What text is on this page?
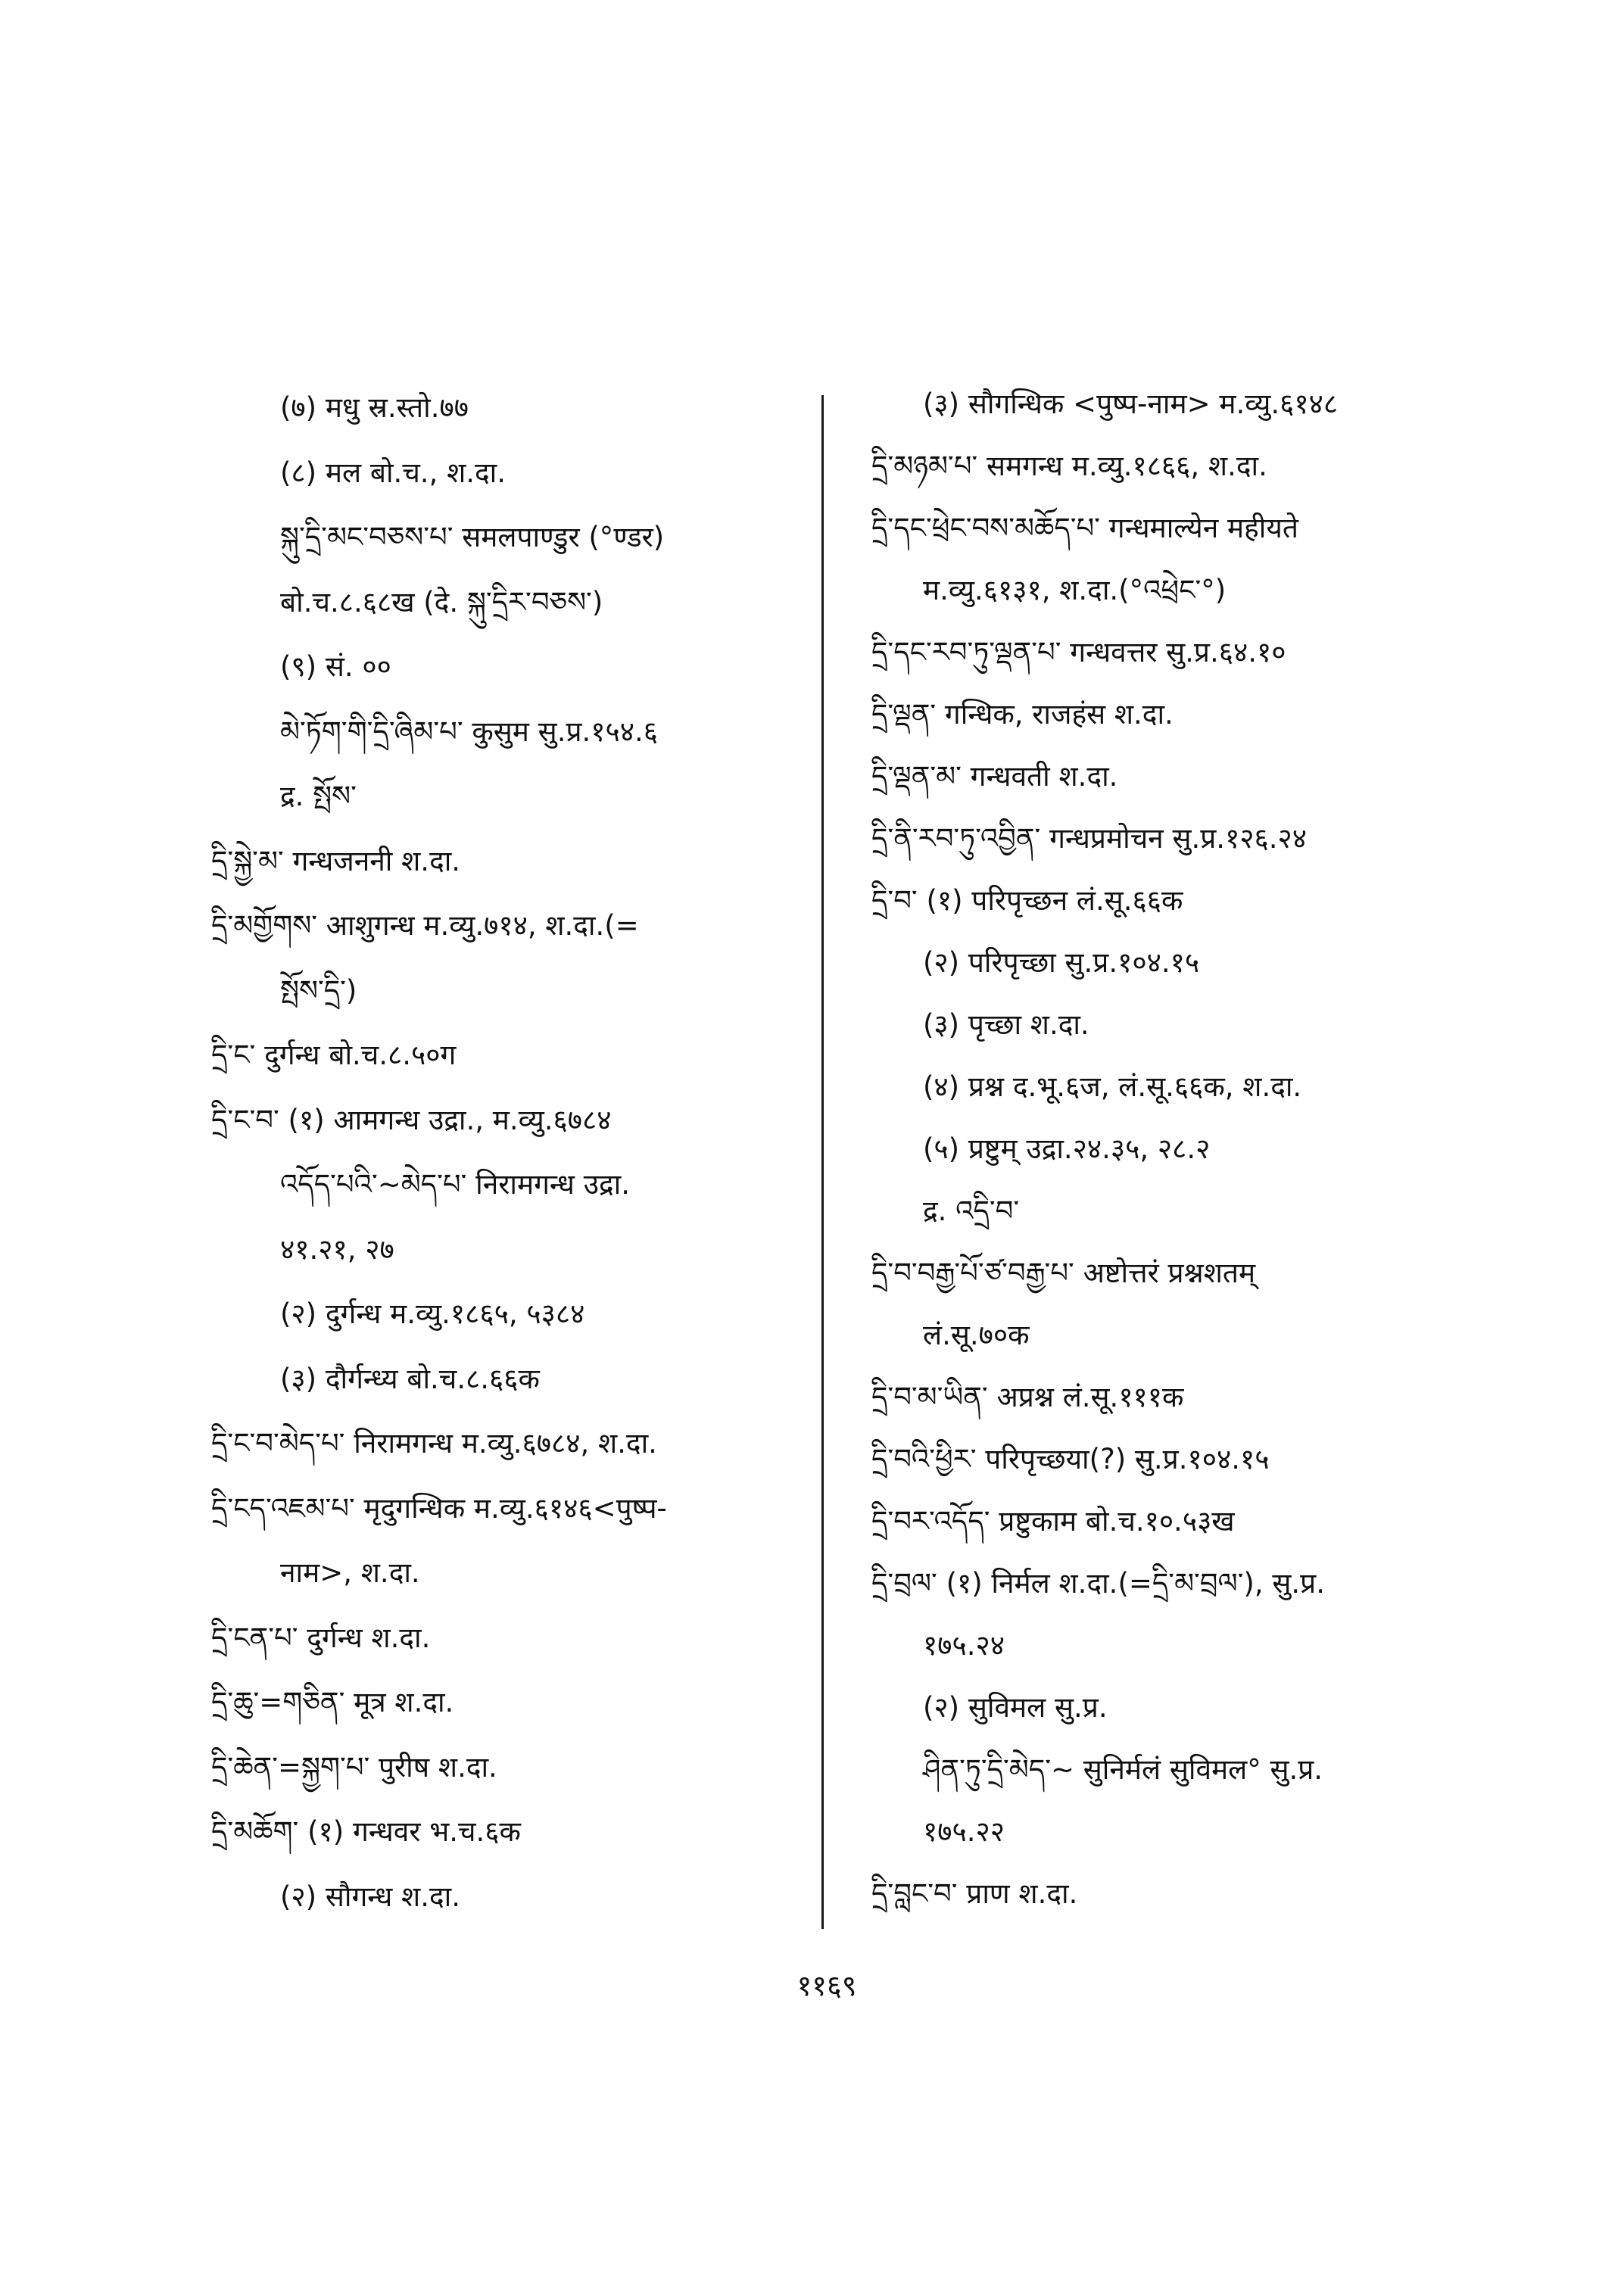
(७) मधु स्र.स्तो.७७
(८) मल बो.च., श.दा.
སྐུ་དྲི་མང་བཅས་པ་ समलपाण्डुर (°ण्डर)
बो.च.८.६८ख (दे. སྐུ་དྲིར་བཅས་)
(९) सं. ००
མེ་ཏོག་གི་དྲི་ཞིམ་པ་ कुसुम सु.प्र.१५४.६
द्र. སྤོས་
དྲི་སྐྱེ་མ་ गन्धजननी श.दा.
དྲི་མགྱོགས་ आशुगन्ध म.व्यु.७१४, श.दा.(=
སྤོས་དྲི་)
དྲི་ང་ दुर्गन्ध बो.च.८.५०ग
དྲི་ང་བ་ (१) आमगन्ध उद्रा., म.व्यु.६७८४
འདོད་པའི་~མེད་པ་ निरामगन्ध उद्रा.
४१.२१, २७
(२) दुर्गन्ध म.व्यु.१८६५, ५३८४
(३) दौर्गन्ध्य बो.च.८.६६क
དྲི་ང་བ་མེད་པ་ निरामगन्ध म.व्यु.६७८४, श.दा.
དྲི་ངད་འཇམ་པ་ मृदुगन्धिक म.व्यु.६१४६<पुष्प-
नाम>, श.दा.
དྲི་ངན་པ་ दुर्गन्ध श.दा.
དྲི་ཆུ་=གཅིན་ मूत्र श.दा.
དྲི་ཆེན་=སྐྱག་པ་ पुरीष श.दा.
དྲི་མཆོག་ (१) गन्धवर भ.च.६क
(२) सौगन्ध श.दा.
(३) सौगन्धिक <पुष्प-नाम> म.व्यु.६१४८
དྲི་མཉམ་པ་ समगन्ध म.व्यु.१८६६, श.दा.
དྲི་དང་ཕྲེང་བས་མཆོད་པ་ गन्धमाल्येन महीयते
म.व्यु.६१३१, श.दा.(°འཕྲེང་°)
དྲི་དང་རབ་ཏུ་ལྡན་པ་ गन्धवत्तर सु.प्र.६४.१०
དྲི་ལྡན་ गन्धिक, राजहंस श.दा.
དྲི་ལྡན་མ་ गन्धवती श.दा.
དྲི་ནི་རབ་ཏུ་འབྱིན་ गन्धप्रमोचन सु.प्र.१२६.२४
དྲི་བ་ (१) परिपृच्छन लं.सू.६६क
(२) परिपृच्छा सु.प्र.१०४.१५
(३) पृच्छा श.दा.
(४) प्रश्न द.भू.६ज, लं.सू.६६क, श.दा.
(५) प्रष्टुम् उद्रा.२४.३५, २८.२
द्र. འདྲི་བ་
དྲི་བ་བརྒྱ་པོ་ཙ་བརྒྱ་པ་ अष्टोत्तरं प्रश्नशतम्
लं.सू.७०क
དྲི་བ་མ་ཡིན་ अप्रश्न लं.सू.१११क
དྲི་བའི་ཕྱིར་ परिपृच्छया(?) सु.प्र.१०४.१५
དྲི་བར་འདོད་ प्रष्टुकाम बो.च.१०.५३ख
དྲི་བྲལ་ (१) निर्मल श.दा.(=དྲི་མ་བྲལ་), सु.प्र.
१७५.२४
(२) सुविमल सु.प्र.
ཤིན་ཏུ་དྲི་མེད་~ सुनिर्मलं सुविमल° सु.प्र.
१७५.२२
དྲི་བླང་བ་ प्राण श.दा.
११६९
